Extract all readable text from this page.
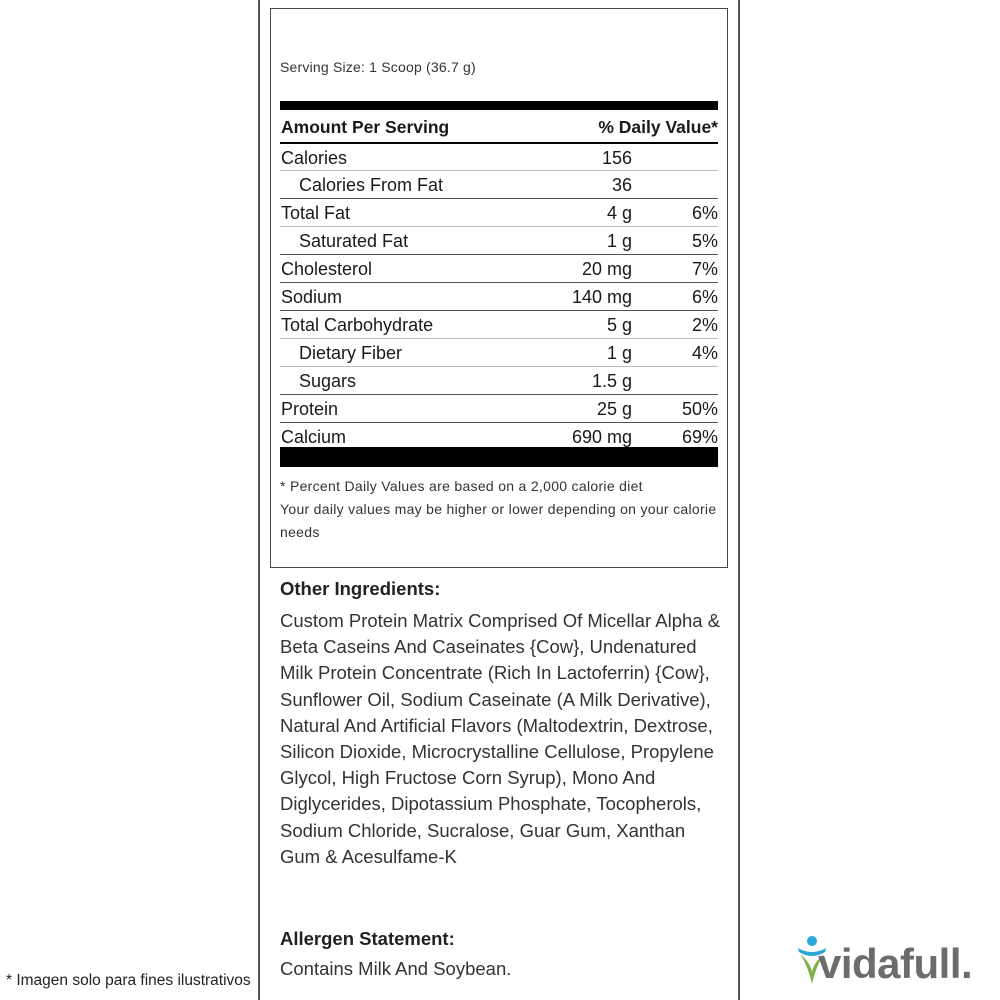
Serving Size: 1 Scoop (36.7 g)
Amount Per Serving	% Daily Value*
Calories	156
Calories From Fat	36
Total Fat	4 g	6%
Saturated Fat	1 g	5%
Cholesterol	20 mg	7%
Sodium	140 mg	6%
Total Carbohydrate	5 g	2%
Dietary Fiber	1 g	4%
Sugars	1.5 g
Protein	25 g	50%
Calcium	690 mg	69%
* Percent Daily Values are based on a 2,000 calorie diet
Your daily values may be higher or lower depending on your calorie needs
Other Ingredients:
Custom Protein Matrix Comprised Of Micellar Alpha & Beta Caseins And Caseinates {Cow}, Undenatured Milk Protein Concentrate (Rich In Lactoferrin) {Cow}, Sunflower Oil, Sodium Caseinate (A Milk Derivative), Natural And Artificial Flavors (Maltodextrin, Dextrose, Silicon Dioxide, Microcrystalline Cellulose, Propylene Glycol, High Fructose Corn Syrup), Mono And Diglycerides, Dipotassium Phosphate, Tocopherols, Sodium Chloride, Sucralose, Guar Gum, Xanthan Gum & Acesulfame-K
Allergen Statement:
Contains Milk And Soybean.
* Imagen solo para fines ilustrativos	vidafull.
